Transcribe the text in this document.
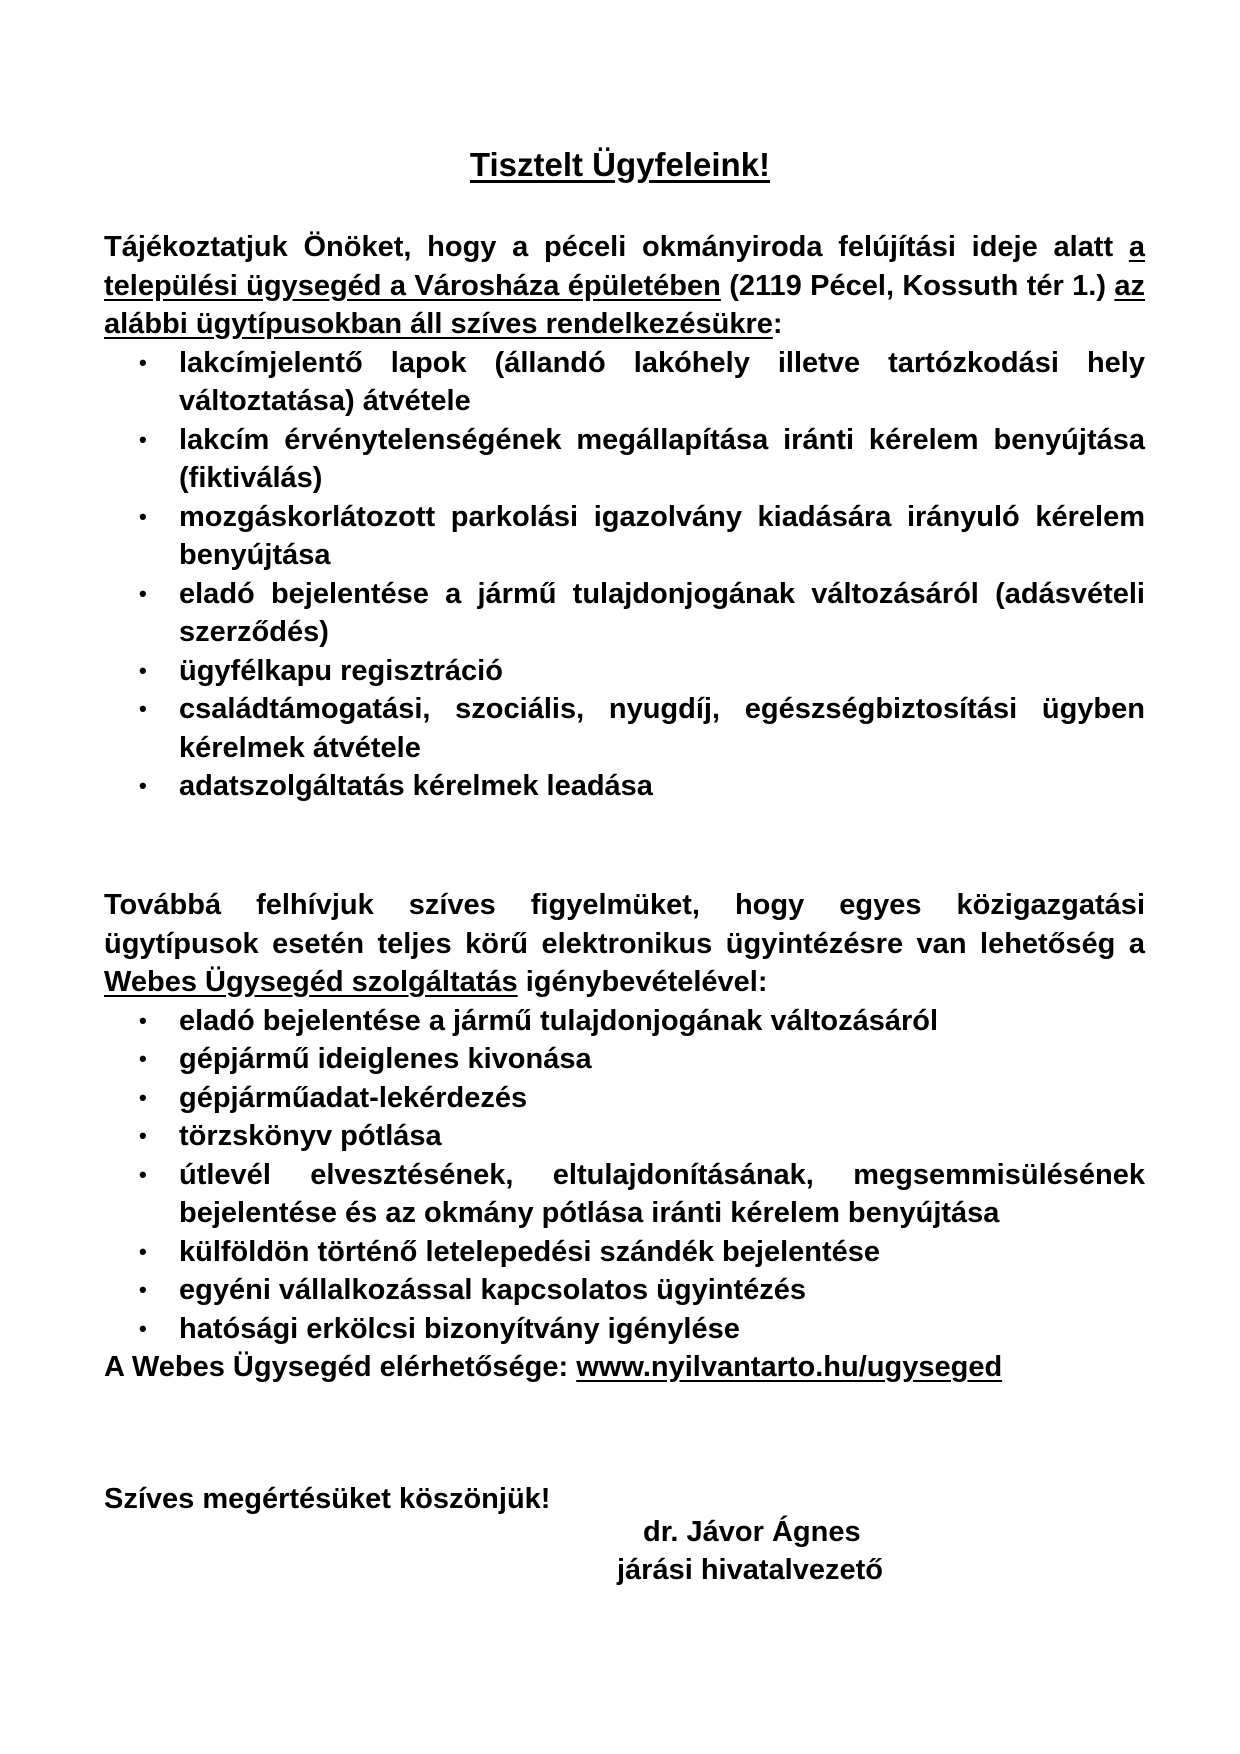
Tisztelt Ügyfeleink!

Tájékoztatjuk Önöket, hogy a péceli okmányiroda felújítási ideje alatt a települési ügysegéd a Városháza épületében (2119 Pécel, Kossuth tér 1.) az alábbi ügytípusokban áll szíves rendelkezésükre:

•	lakcímjelentő lapok (állandó lakóhely illetve tartózkodási hely változtatása) átvétele
•	lakcím érvénytelenségének megállapítása iránti kérelem benyújtása (fiktiválás)
•	mozgáskorlátozott parkolási igazolvány kiadására irányuló kérelem benyújtása
•	eladó bejelentése a jármű tulajdonjogának változásáról (adásvételi szerződés)
•	ügyfélkapu regisztráció
•	családtámogatási, szociális, nyugdíj, egészségbiztosítási ügyben kérelmek átvétele
•	adatszolgáltatás kérelmek leadása

Továbbá felhívjuk szíves figyelmüket, hogy egyes közigazgatási ügytípusok esetén teljes körű elektronikus ügyintézésre van lehetőség a Webes Ügysegéd szolgáltatás igénybevételével:

•	eladó bejelentése a jármű tulajdonjogának változásáról
•	gépjármű ideiglenes kivonása
•	gépjárműadat-lekérdezés
•	törzskönyv pótlása
•	útlevél elvesztésének, eltulajdonításának, megsemmisülésének bejelentése és az okmány pótlása iránti kérelem benyújtása
•	külföldön történő letelepedési szándék bejelentése
•	egyéni vállalkozással kapcsolatos ügyintézés
•	hatósági erkölcsi bizonyítvány igénylése
A Webes Ügysegéd elérhetősége: www.nyilvantarto.hu/ugyseged
Szíves megértésüket köszönjük!
dr. Jávor Ágnes
járási hivatalvezető
